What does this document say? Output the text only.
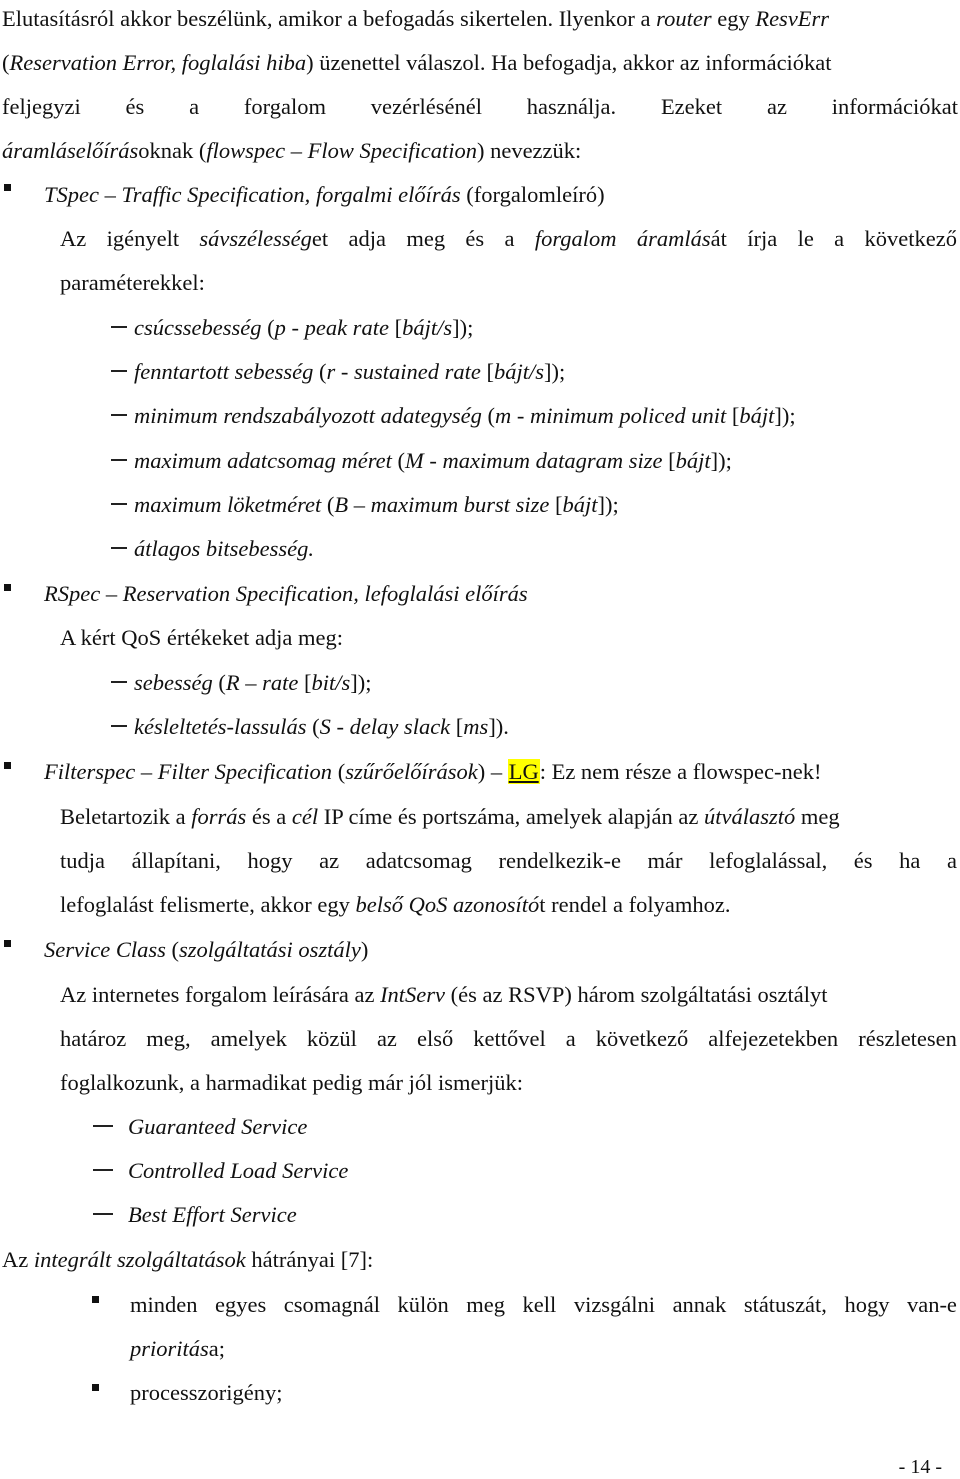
Elutasításról akkor beszélünk, amikor a befogadás sikertelen. Ilyenkor a router egy ResvErr
(Reservation Error, foglalási hiba) üzenettel válaszol. Ha befogadja, akkor az információkat
feljegyzi és a forgalom vezérlésénél használja. Ezeket az információkat
áramláselőírásoknak (flowspec – Flow Specification) nevezzük:
TSpec – Traffic Specification, forgalmi előírás (forgalomleíró)
Az igényelt sávszélességet adja meg és a forgalom áramlását írja le a következő
paraméterekkel:
csúcssebesség (p - peak rate [bájt/s]);
fenntartott sebesség (r - sustained rate [bájt/s]);
minimum rendszabályozott adategység (m - minimum policed unit [bájt]);
maximum adatcsomag méret (M - maximum datagram size [bájt]);
maximum löketméret (B – maximum burst size [bájt]);
átlagos bitsebesség.
RSpec – Reservation Specification, lefoglalási előírás
A kért QoS értékeket adja meg:
sebesség (R – rate [bit/s]);
késleltetés-lassulás (S - delay slack [ms]).
Filterspec – Filter Specification (szűrőelőírások) – LG: Ez nem része a flowspec-nek!
Beletartozik a forrás és a cél IP címe és portszáma, amelyek alapján az útválasztó meg
tudja állapítani, hogy az adatcsomag rendelkezik-e már lefoglalással, és ha a
lefoglalást felismerte, akkor egy belső QoS azonosítót rendel a folyamhoz.
Service Class (szolgáltatási osztály)
Az internetes forgalom leírására az IntServ (és az RSVP) három szolgáltatási osztályt
határoz meg, amelyek közül az első kettővel a következő alfejezetekben részletesen
foglalkozunk, a harmadikat pedig már jól ismerjük:
Guaranteed Service
Controlled Load Service
Best Effort Service
Az integrált szolgáltatások hátrányai [7]:
minden egyes csomagnál külön meg kell vizsgálni annak státuszát, hogy van-e
prioritása;
processzorigény;
- 14 -
